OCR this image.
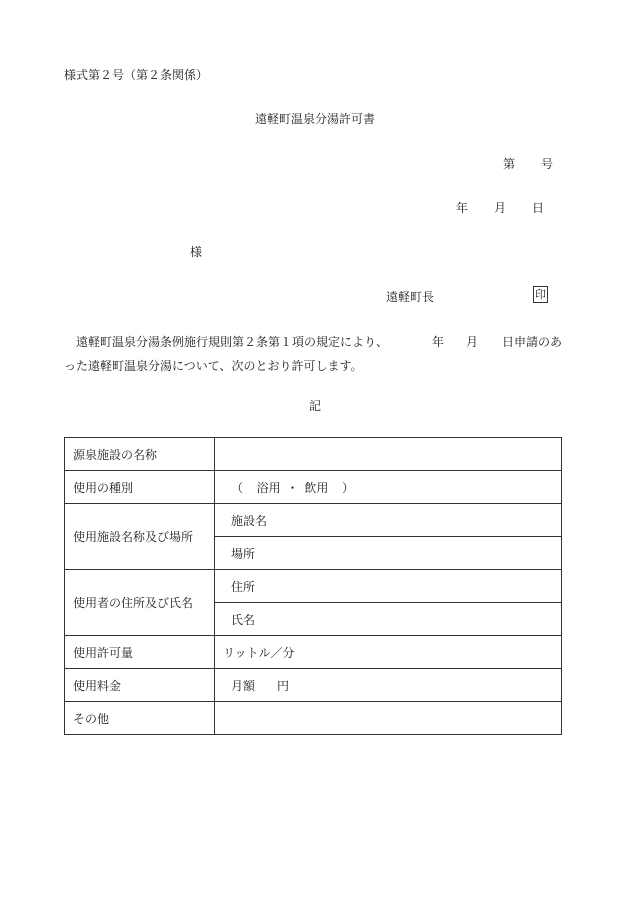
様式第２号（第２条関係）
遠軽町温泉分湯許可書
第 号
年 月 日
様
遠軽町長	印
遠軽町温泉分湯条例施行規則第２条第１項の規定により、	年 月 日申請のあった遠軽町温泉分湯について、次のとおり許可します。
記
源泉施設の名称	
使用の種別	（ 浴用 ・ 飲用 ）
使用施設名称及び場所	施設名
	場所
使用者の住所及び氏名	住所
	氏名
使用許可量	リットル／分
使用料金	月額 円
その他	
